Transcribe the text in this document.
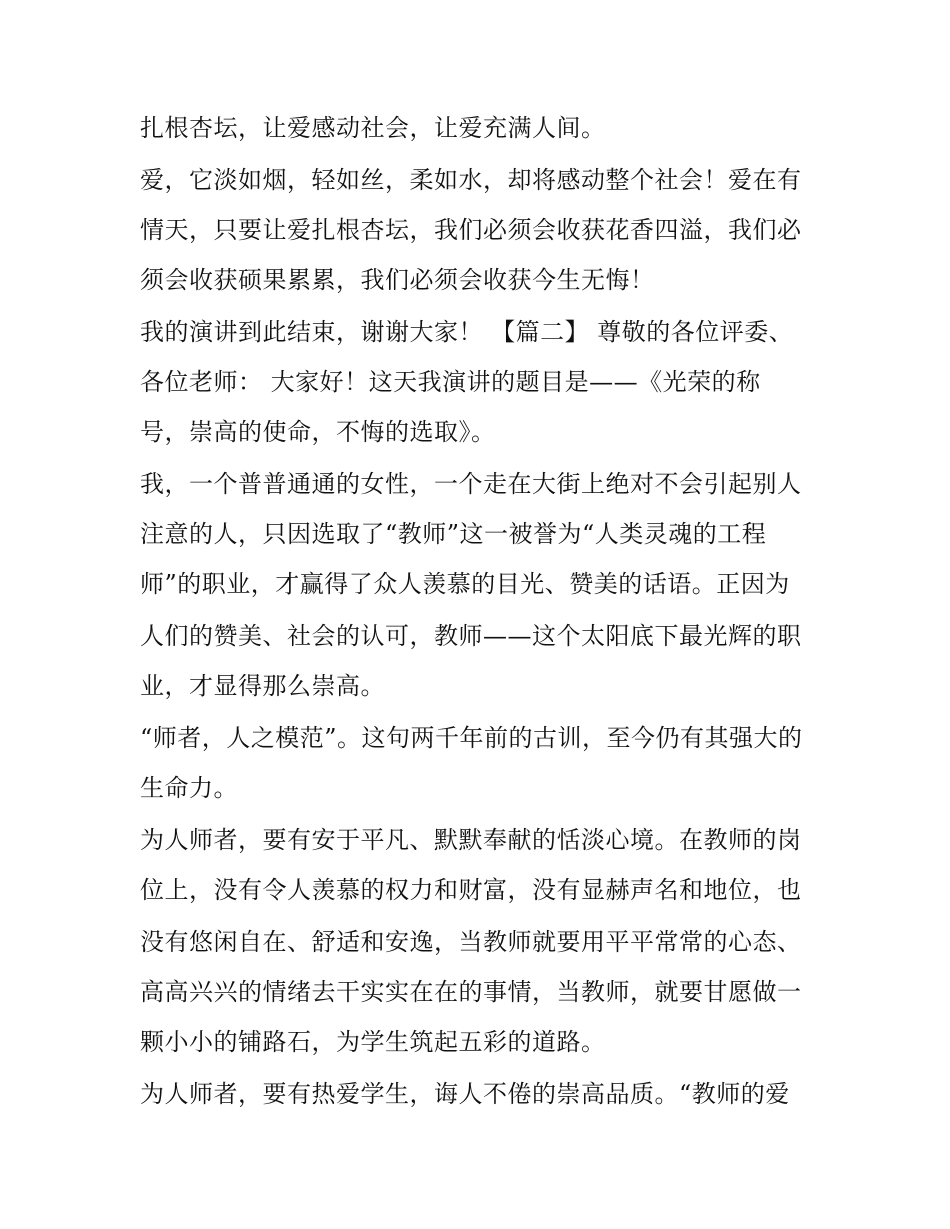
扎根杏坛，让爱感动社会，让爱充满人间。

爱，它淡如烟，轻如丝，柔如水，却将感动整个社会！爱在有

情天，只要让爱扎根杏坛，我们必须会收获花香四溢，我们必

须会收获硕果累累，我们必须会收获今生无悔！

我的演讲到此结束，谢谢大家！ 【篇二】 尊敬的各位评委、

各位老师： 大家好！这天我演讲的题目是——《光荣的称

号，崇高的使命，不悔的选取》。

我，一个普普通通的女性，一个走在大街上绝对不会引起别人

注意的人，只因选取了“教师”这一被誉为“人类灵魂的工程

师”的职业，才赢得了众人羡慕的目光、赞美的话语。正因为

人们的赞美、社会的认可，教师——这个太阳底下最光辉的职

业，才显得那么崇高。

“师者，人之模范”。这句两千年前的古训，至今仍有其强大的

生命力。

为人师者，要有安于平凡、默默奉献的恬淡心境。在教师的岗

位上，没有令人羡慕的权力和财富，没有显赫声名和地位，也

没有悠闲自在、舒适和安逸，当教师就要用平平常常的心态、

高高兴兴的情绪去干实实在在的事情，当教师，就要甘愿做一

颗小小的铺路石，为学生筑起五彩的道路。

为人师者，要有热爱学生，诲人不倦的崇高品质。“教师的爱
